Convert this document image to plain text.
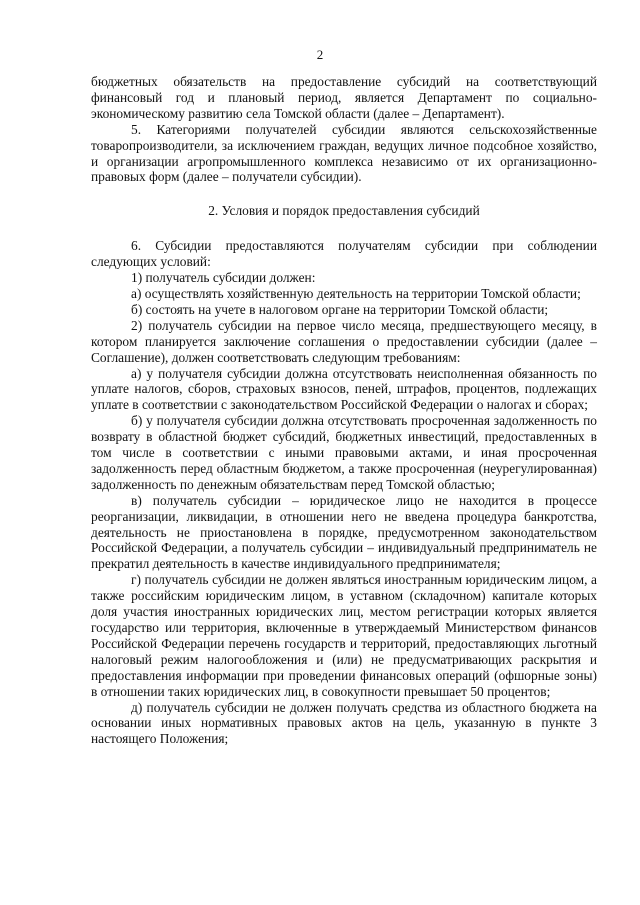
2

бюджетных обязательств на предоставление субсидий на соответствующий финансовый год и плановый период, является Департамент по социально-экономическому развитию села Томской области (далее – Департамент).

5. Категориями получателей субсидии являются сельскохозяйственные товаропроизводители, за исключением граждан, ведущих личное подсобное хозяйство, и организации агропромышленного комплекса независимо от их организационно-правовых форм (далее – получатели субсидии).

2. Условия и порядок предоставления субсидий

6. Субсидии предоставляются получателям субсидии при соблюдении следующих условий:

1) получатель субсидии должен:

а) осуществлять хозяйственную деятельность на территории Томской области;

б) состоять на учете в налоговом органе на территории Томской области;

2) получатель субсидии на первое число месяца, предшествующего месяцу, в котором планируется заключение соглашения о предоставлении субсидии (далее – Соглашение), должен соответствовать следующим требованиям:

а) у получателя субсидии должна отсутствовать неисполненная обязанность по уплате налогов, сборов, страховых взносов, пеней, штрафов, процентов, подлежащих уплате в соответствии с законодательством Российской Федерации о налогах и сборах;

б) у получателя субсидии должна отсутствовать просроченная задолженность по возврату в областной бюджет субсидий, бюджетных инвестиций, предоставленных в том числе в соответствии с иными правовыми актами, и иная просроченная задолженность перед областным бюджетом, а также просроченная (неурегулированная) задолженность по денежным обязательствам перед Томской областью;

в) получатель субсидии – юридическое лицо не находится в процессе реорганизации, ликвидации, в отношении него не введена процедура банкротства, деятельность не приостановлена в порядке, предусмотренном законодательством Российской Федерации, а получатель субсидии – индивидуальный предприниматель не прекратил деятельность в качестве индивидуального предпринимателя;

г) получатель субсидии не должен являться иностранным юридическим лицом, а также российским юридическим лицом, в уставном (складочном) капитале которых доля участия иностранных юридических лиц, местом регистрации которых является государство или территория, включенные в утверждаемый Министерством финансов Российской Федерации перечень государств и территорий, предоставляющих льготный налоговый режим налогообложения и (или) не предусматривающих раскрытия и предоставления информации при проведении финансовых операций (офшорные зоны) в отношении таких юридических лиц, в совокупности превышает 50 процентов;

д) получатель субсидии не должен получать средства из областного бюджета на основании иных нормативных правовых актов на цель, указанную в пункте 3 настоящего Положения;
